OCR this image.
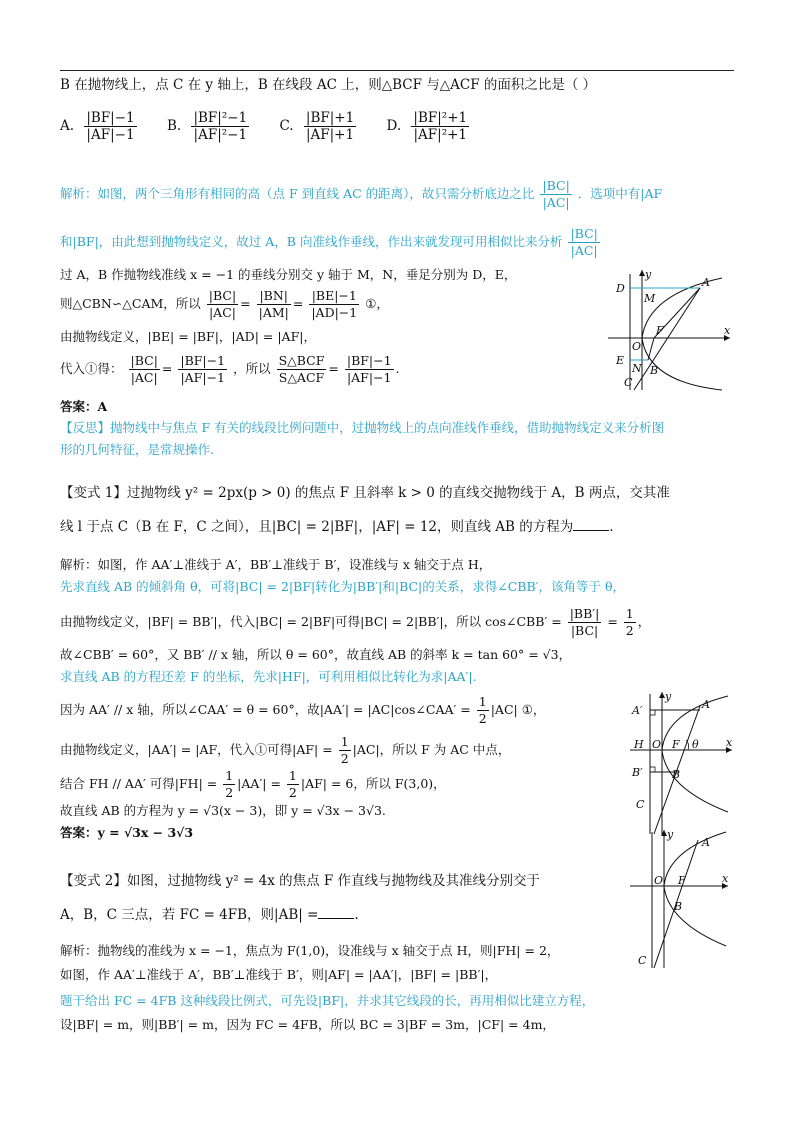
B 在抛物线上，点 C 在 y 轴上，B 在线段 AC 上，则△BCF 与△ACF 的面积之比是（ ）
A. $\frac{|BF|-1}{|AF|-1} B$. $\frac{\text{|BF|²−1}}{\text{|AF|²−1}} C$. $\frac{|BF|+1}{|AF|+1} D$. $\frac{\text{|BF|²+1}}{\text{|AF|²+1}}$
解析：如图，两个三角形有相同的高（点 F 到直线 AC 的距离），故只需分析底边之比 $\frac{|BC|}{|AC|}$ ．选项中有|AF
和|BF|，由此想到抛物线定义，故过 A，B 向准线作垂线，作出来就发现可用相似比来分析 $\frac{|BC|}{|AC|}$
过 A，B 作抛物线准线 x = −1 的垂线分别交 y 轴于 M，N，垂足分别为 D，E，
则△CBN∽△CAM，所以 $\frac{|BC|}{|AC|} = \frac{|BN|}{|AM|} = \frac{|BE|-1}{|AD|-1}$ ①，
由抛物线定义，|BE| = |BF|，|AD| = |AF|，
代入①得： $\frac{|BC|}{|AC|} = \frac{|BF|-1}{|AF|-1}$ ，所以 $\frac{\text{S△BCF}}{\text{S△ACF}} = \frac{|BF|-1}{|AF|-1}$ .
答案：A
【反思】抛物线中与焦点 F 有关的线段比例问题中，过抛物线上的点向准线作垂线，借助抛物线定义来分析图
形的几何特征，是常规操作.
y
D	A
M
F	x
O
E
N B
C
【变式 1】过抛物线 y² = 2px(p > 0) 的焦点 F 且斜率 k > 0 的直线交抛物线于 A，B 两点，交其准
线 l 于点 C（B 在 F，C 之间），且|BC| = 2|BF|，|AF| = 12，则直线 AB 的方程为	.
解析：如图，作 AA′⊥准线于 A′，BB′⊥准线于 B′，设准线与 x 轴交于点 H，
先求直线 AB 的倾斜角 θ，可将|BC| = 2|BF|转化为|BB′|和|BC|的关系，求得∠CBB′，该角等于 θ，
由抛物线定义，|BF| = BB′|，代入|BC| = 2|BF|可得|BC| = 2|BB′|，所以 cos∠CBB′ = $\frac{|BB'|}{|BC|} = \frac{1}{2}$ ，
故∠CBB′ = 60°，又 BB′ // x 轴，所以 θ = 60°，故直线 AB 的斜率 k = tan 60° = √3，
求直线 AB 的方程还差 F 的坐标，先求|HF|，可利用相似比转化为求|AA′|.
因为 AA′ // x 轴，所以∠CAA′ = θ = 60°，故|AA′| = |AC|cos∠CAA′ = $\frac{1}{2} |AC|$ ①，
由抛物线定义，|AA′| = |AF，代入①可得$|AF| = \frac{1}{2} |AC|$，所以 F 为 AC 中点，
结合 FH // AA′ 可得$|FH| = \frac{1}{2} |AA'| = \frac{1}{2} |AF| = 6$，所以 F(3,0)，
故直线 AB 的方程为 y = √3(x − 3)，即 y = √3x − 3√3.
答案：y = √3x − 3√3
y
A′	A
H O F θ x
B′	B
C
【变式 2】如图，过抛物线 y² = 4x 的焦点 F 作直线与抛物线及其准线分别交于
A，B，C 三点，若 FC = 4FB，则|AB| =	.
解析：抛物线的准线为 x = −1，焦点为 F(1,0)，设准线与 x 轴交于点 H，则|FH| = 2，
如图，作 AA′⊥准线于 A′，BB′⊥准线于 B′，则|AF| = |AA′|，|BF| = |BB′|，
题干给出 FC = 4FB 这种线段比例式，可先设|BF|，并求其它线段的长，再用相似比建立方程，
设|BF| = m，则|BB′| = m，因为 FC = 4FB，所以 BC = 3|BF = 3m，|CF| = 4m，
y
A
O F	x
B
C
